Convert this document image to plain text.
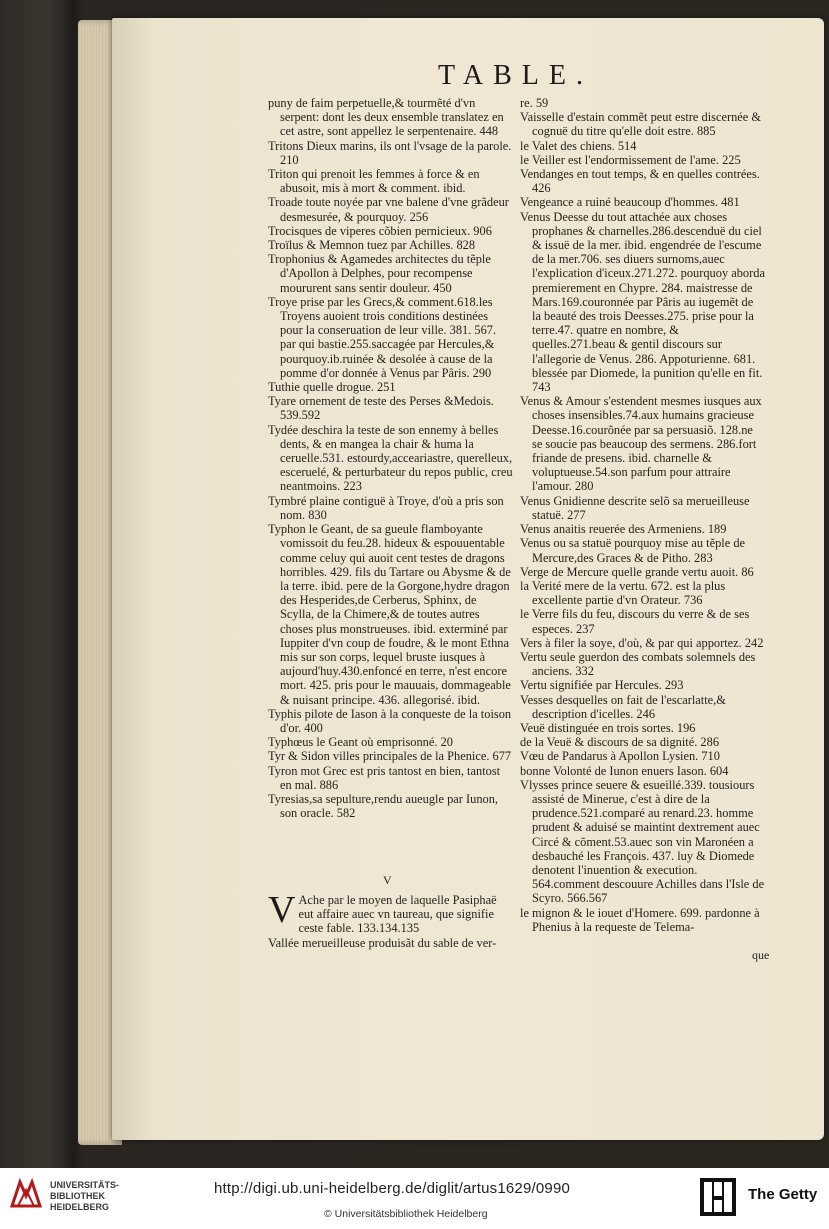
TABLE.

puny de faim perpetuelle,& tourmẽté d'vn serpent: dont les deux ensemble translatez en cet astre, sont appellez le serpentenaire. 448

Tritons Dieux marins, ils ont l'vsage de la parole. 210

Triton qui prenoit les femmes à force & en abusoit, mis à mort & comment. ibid.

Troade toute noyée par vne balene d'vne grãdeur desmesurée, & pourquoy. 256

Trocisques de viperes cõbien pernicieux. 906

Troïlus & Memnon tuez par Achilles. 828

Trophonius & Agamedes architectes du tẽple d'Apollon à Delphes, pour recompense moururent sans sentir douleur. 450

Troye prise par les Grecs,& comment.618.les Troyens auoient trois conditions destinées pour la conseruation de leur ville. 381. 567. par qui bastie.255.saccagée par Hercules,& pourquoy.ib.ruinée & desolée à cause de la pomme d'or donnée à Venus par Pâris. 290

Tuthie quelle drogue. 251

Tyare ornement de teste des Perses &Medois. 539.592

Tydée deschira la teste de son ennemy à belles dents, & en mangea la chair & huma la ceruelle.531. estourdy,acceariastre, querelleux, esceruelé, & perturbateur du repos public, creu neantmoins. 223

Tymbré plaine contiguë à Troye, d'où a pris son nom. 830

Typhon le Geant, de sa gueule flamboyante vomissoit du feu.28. hideux & espouuentable comme celuy qui auoit cent testes de dragons horribles. 429. fils du Tartare ou Abysme & de la terre. ibid. pere de la Gorgone,hydre dragon des Hesperides,de Cerberus, Sphinx, de Scylla, de la Chimere,& de toutes autres choses plus monstrueuses. ibid. exterminé par Iuppiter d'vn coup de foudre, & le mont Ethna mis sur son corps, lequel bruste iusques à aujourd'huy.430.enfoncé en terre, n'est encore mort. 425. pris pour le mauuais, dommageable & nuisant principe. 436. allegorisé. ibid.

Typhis pilote de Iason à la conqueste de la toison d'or. 400

Typhœus le Geant où emprisonné. 20

Tyr & Sidon villes principales de la Phenice. 677

Tyron mot Grec est pris tantost en bien, tantost en mal. 886

Tyresias,sa sepulture,rendu aueugle par Iunon, son oracle. 582

V
V Ache par le moyen de laquelle Pasiphaë eut affaire auec vn taureau, que signifie ceste fable. 133.134.135

Vallée merueilleuse produisãt du sable de ver-

re. 59

Vaisselle d'estain commẽt peut estre discernée & cognuë du titre qu'elle doit estre. 885

le Valet des chiens. 514

le Veiller est l'endormissement de l'ame. 225

Vendanges en tout temps, & en quelles contrées. 426

Vengeance a ruiné beaucoup d'hommes. 481

Venus Deesse du tout attachée aux choses prophanes & charnelles.286.descenduë du ciel & issuë de la mer. ibid. engendrée de l'escume de la mer.706. ses diuers surnoms,auec l'explication d'iceux.271.272. pourquoy aborda premierement en Chypre. 284. maistresse de Mars.169.couronnée par Pâris au iugemẽt de la beauté des trois Deesses.275. prise pour la terre.47. quatre en nombre, & quelles.271.beau & gentil discours sur l'allegorie de Venus. 286. Appoturienne. 681. blessée par Diomede, la punition qu'elle en fit. 743

Venus & Amour s'estendent mesmes iusques aux choses insensibles.74.aux humains gracieuse Deesse.16.courõnée par sa persuasiõ. 128.ne se soucie pas beaucoup des sermens. 286.fort friande de presens. ibid. charnelle & voluptueuse.54.son parfum pour attraire l'amour. 280

Venus Gnidienne descrite selõ sa merueilleuse statuë. 277

Venus anaitis reuerée des Armeniens. 189

Venus ou sa statuë pourquoy mise au tẽple de Mercure,des Graces & de Pitho. 283

Verge de Mercure quelle grande vertu auoit. 86

la Verité mere de la vertu. 672. est la plus excellente partie d'vn Orateur. 736

le Verre fils du feu, discours du verre & de ses especes. 237

Vers à filer la soye, d'où, & par qui apportez. 242

Vertu seule guerdon des combats solemnels des anciens. 332

Vertu signifiée par Hercules. 293

Vesses desquelles on fait de l'escarlatte,& description d'icelles. 246

Veuë distinguée en trois sortes. 196

de la Veuë & discours de sa dignité. 286

Vœu de Pandarus à Apollon Lysien. 710

bonne Volonté de Iunon enuers Iason. 604

Vlysses prince seuere & esueillé.339. tousiours assisté de Minerue, c'est à dire de la prudence.521.comparé au renard.23. homme prudent & aduisé se maintint dextrement auec Circé & cõment.53.auec son vin Maronéen a desbauché les François. 437. luy & Diomede denotent l'inuention & execution. 564.comment descouure Achilles dans l'Isle de Scyro. 566.567

le mignon & le iouet d'Homere. 699. pardonne à Phenius à la requeste de Telema-

que
UNIVERSITÄTS-
BIBLIOTHEK
HEIDELBERG
http://digi.ub.uni-heidelberg.de/diglit/artus1629/0990
© Universitätsbibliothek Heidelberg
The Getty
